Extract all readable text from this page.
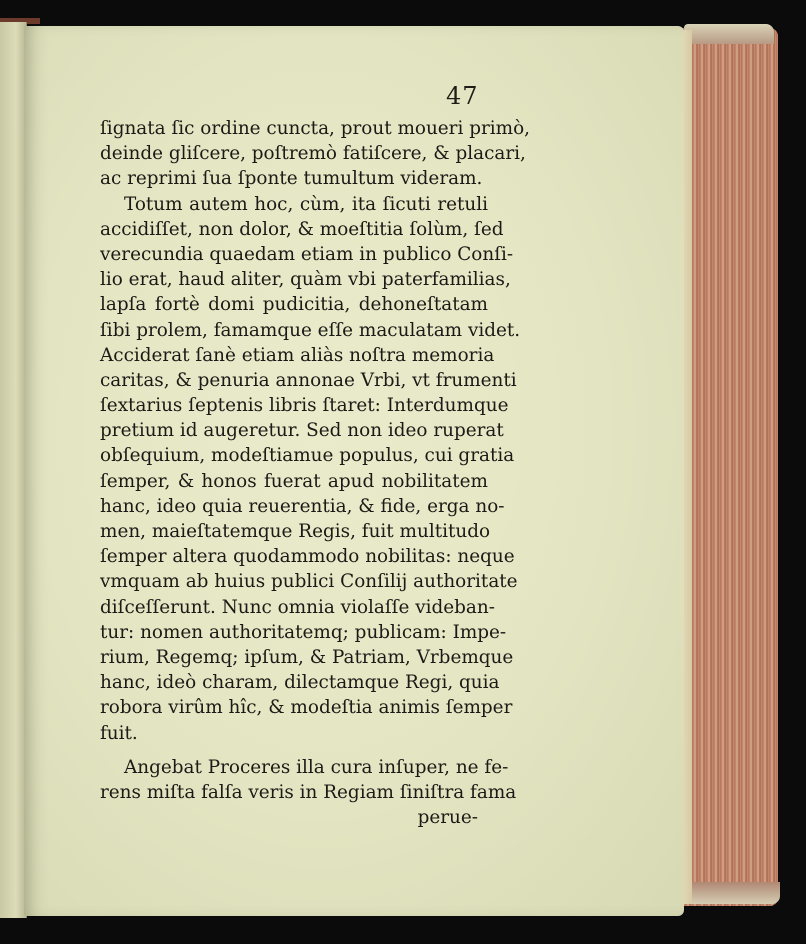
47
ſignata ſic ordine cuncta, prout moueri primò,
deinde gliſcere, poſtremò fatiſcere, & placari,
ac reprimi ſua ſponte tumultum videram.
Totum autem hoc, cùm, ita ſicuti retuli
accidiſſet, non dolor, & moeſtitia ſolùm, ſed
verecundia quaedam etiam in publico Conſi-
lio erat, haud aliter, quàm vbi paterfamilias,
lapſa fortè domi pudicitia, dehoneſtatam
ſibi prolem, famamque eſſe maculatam videt.
Acciderat ſanè etiam aliàs noſtra memoria
caritas, & penuria annonae Vrbi, vt frumenti
ſextarius ſeptenis libris ſtaret: Interdumque
pretium id augeretur. Sed non ideo ruperat
obſequium, modeſtiamue populus, cui gratia
ſemper, & honos fuerat apud nobilitatem
hanc, ideo quia reuerentia, & fide, erga no-
men, maieſtatemque Regis, fuit multitudo
ſemper altera quodammodo nobilitas: neque
vmquam ab huius publici Conſilij authoritate
diſceſſerunt. Nunc omnia violaſſe videban-
tur: nomen authoritatemq; publicam: Impe-
rium, Regemq; ipſum, & Patriam, Vrbemque
hanc, ideò charam, dilectamque Regi, quia
robora virûm hîc, & modeſtia animis ſemper
fuit.
Angebat Proceres illa cura inſuper, ne fe-
rens miſta falſa veris in Regiam ſiniſtra fama
perue-
